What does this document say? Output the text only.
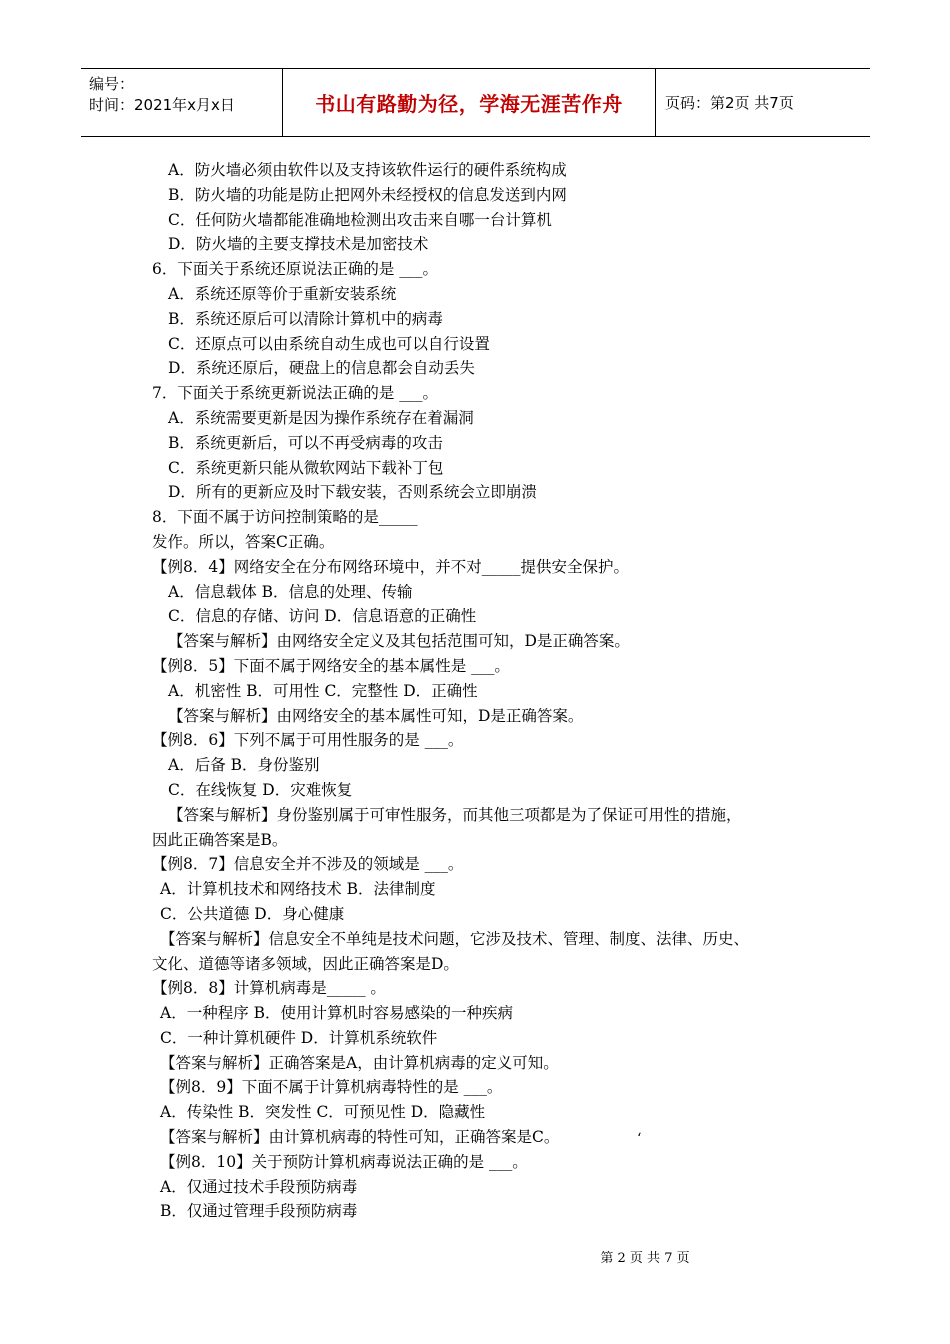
编号：
时间：2021年x月x日	书山有路勤为径，学海无涯苦作舟	页码：第2页 共7页
A．防火墙必须由软件以及支持该软件运行的硬件系统构成
B．防火墙的功能是防止把网外未经授权的信息发送到内网
C．任何防火墙都能准确地检测出攻击来自哪一台计算机
D．防火墙的主要支撑技术是加密技术
6．下面关于系统还原说法正确的是 ___。
A．系统还原等价于重新安装系统
B．系统还原后可以清除计算机中的病毒
C．还原点可以由系统自动生成也可以自行设置
D．系统还原后，硬盘上的信息都会自动丢失
7．下面关于系统更新说法正确的是 ___。
A．系统需要更新是因为操作系统存在着漏洞
B．系统更新后，可以不再受病毒的攻击
C．系统更新只能从微软网站下载补丁包
D．所有的更新应及时下载安装，否则系统会立即崩溃
8．下面不属于访问控制策略的是_____
发作。所以，答案C正确。
【例8．4】网络安全在分布网络环境中，并不对_____提供安全保护。
A．信息载体 B．信息的处理、传输
C．信息的存储、访问 D．信息语意的正确性
【答案与解析】由网络安全定义及其包括范围可知，D是正确答案。
【例8．5】下面不属于网络安全的基本属性是 ___。
A．机密性 B．可用性 C．完整性 D．正确性
【答案与解析】由网络安全的基本属性可知，D是正确答案。
【例8．6】下列不属于可用性服务的是 ___。
A．后备 B．身份鉴别
C．在线恢复 D．灾难恢复
【答案与解析】身份鉴别属于可审性服务，而其他三项都是为了保证可用性的措施，
因此正确答案是B。
【例8．7】信息安全并不涉及的领域是 ___。
A．计算机技术和网络技术 B．法律制度
C．公共道德 D．身心健康
【答案与解析】信息安全不单纯是技术问题，它涉及技术、管理、制度、法律、历史、
文化、道德等诸多领域，因此正确答案是D。
【例8．8】计算机病毒是_____ 。
A．一种程序 B．使用计算机时容易感染的一种疾病
C．一种计算机硬件 D．计算机系统软件
【答案与解析】正确答案是A，由计算机病毒的定义可知。
【例8．9】下面不属于计算机病毒特性的是 ___。
A．传染性 B．突发性 C．可预见性 D．隐藏性
【答案与解析】由计算机病毒的特性可知，正确答案是C。
【例8．10】关于预防计算机病毒说法正确的是 ___。
A．仅通过技术手段预防病毒
B．仅通过管理手段预防病毒
‘
第 2 页 共 7 页
